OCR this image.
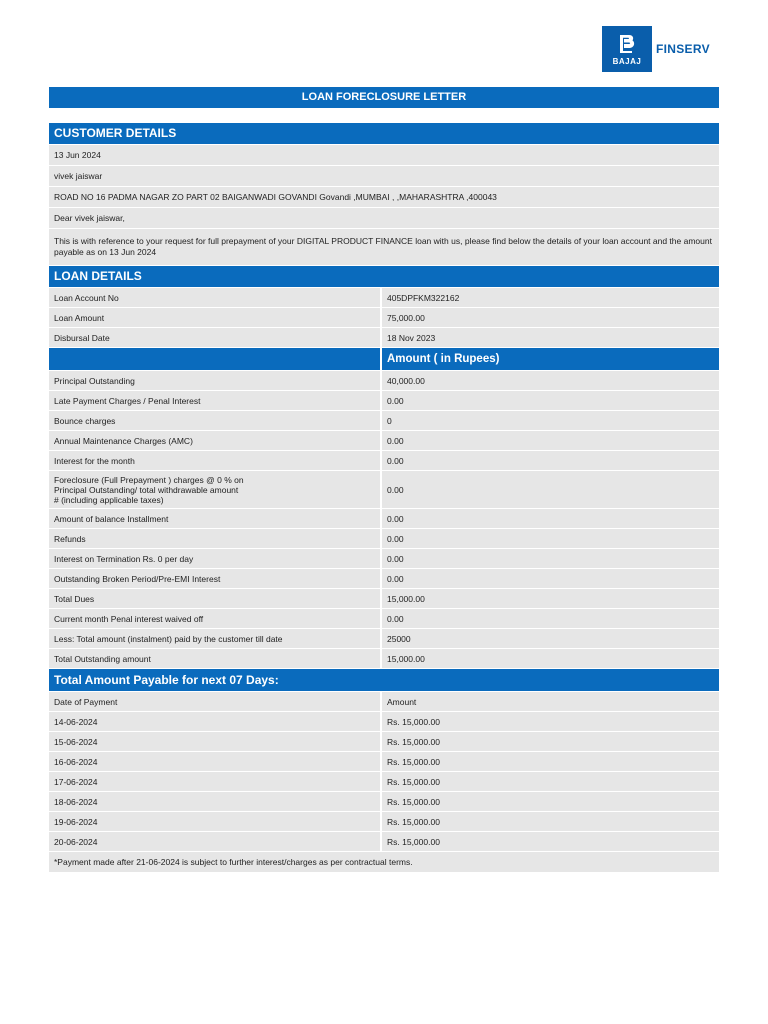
BAJAJ
FINSERV
LOAN FORECLOSURE LETTER
CUSTOMER DETAILS
13 Jun 2024
vivek jaiswar
ROAD NO 16 PADMA NAGAR ZO PART 02 BAIGANWADI GOVANDI Govandi ,MUMBAI , ,MAHARASHTRA ,400043
Dear vivek jaiswar,
This is with reference to your request for full prepayment of your DIGITAL PRODUCT FINANCE loan with us, please find below the details of your loan account and the amount payable as on 13 Jun 2024
LOAN DETAILS
Loan Account No	405DPFKM322162
Loan Amount	75,000.00
Disbursal Date	18 Nov 2023
Amount ( in Rupees)
Principal Outstanding	40,000.00
Late Payment Charges / Penal Interest	0.00
Bounce charges	0
Annual Maintenance Charges (AMC)	0.00
Interest for the month	0.00
Foreclosure (Full Prepayment ) charges @ 0 % on
Principal Outstanding/ total withdrawable amount
# (including applicable taxes)
0.00
Amount of balance Installment	0.00
Refunds	0.00
Interest on Termination Rs. 0 per day	0.00
Outstanding Broken Period/Pre-EMI Interest	0.00
Total Dues	15,000.00
Current month Penal interest waived off	0.00
Less: Total amount (instalment) paid by the customer till date	25000
Total Outstanding amount	15,000.00
Total Amount Payable for next 07 Days:
Date of Payment	Amount
14-06-2024	Rs. 15,000.00
15-06-2024	Rs. 15,000.00
16-06-2024	Rs. 15,000.00
17-06-2024	Rs. 15,000.00
18-06-2024	Rs. 15,000.00
19-06-2024	Rs. 15,000.00
20-06-2024	Rs. 15,000.00
*Payment made after 21-06-2024 is subject to further interest/charges as per contractual terms.
